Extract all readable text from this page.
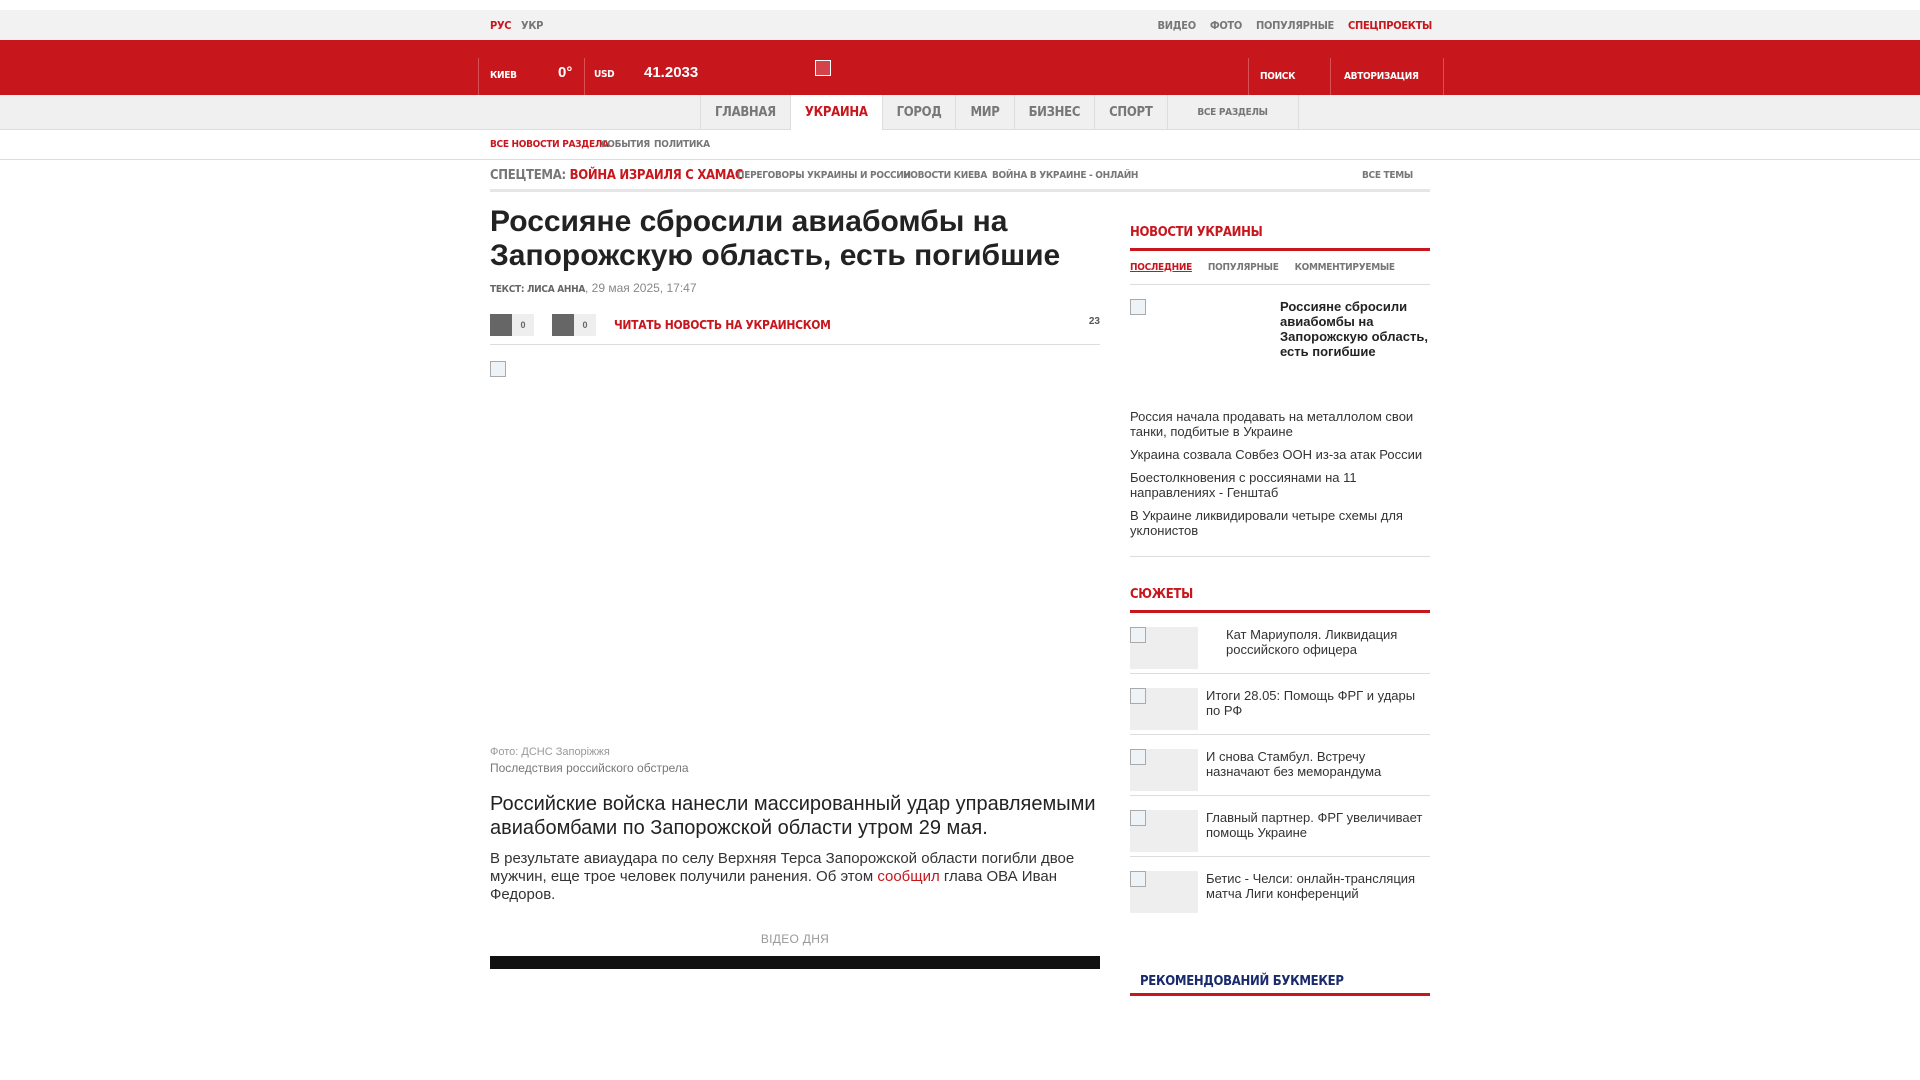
РУС УКР	ВИДЕО ФОТО ПОПУЛЯРНЫЕ СПЕЦПРОЕКТЫ
КИЕВ	0° USD 41.2033	ПОИСК	АВТОРИЗАЦИЯ
ГЛАВНАЯ	УКРАИНА	ГОРОД	МИР	БИЗНЕС	СПОРТ	ВСЕ РАЗДЕЛЫ
ВСЕ НОВОСТИ РАЗДЕЛА
СОБЫТИЯ ПОЛИТИКА
СПЕЦТЕМА: ВОЙНА ИЗРАИЛЯ С ХАМАС
ПЕРЕГОВОРЫ УКРАИНЫ И РОССИИ
НОВОСТИ КИЕВА ВОЙНА В УКРАИНЕ - ОНЛАЙН	ВСЕ ТЕМЫ
Россияне сбросили авиабомбы на Запорожскую область, есть погибшие
ТЕКСТ: ЛИСА АННА, 29 мая 2025, 17:47
0	0	ЧИТАТЬ НОВОСТЬ НА УКРАИНСКОМ	23
Фото: ДСНС Запоріжжя
Последствия российского обстрела

Российские войска нанесли массированный удар управляемыми авиабомбами по Запорожской области утром 29 мая.

В результате авиаудара по селу Верхняя Терса Запорожской области погибли двое мужчин, еще трое человек получили ранения. Об этом сообщил глава ОВА Иван Федоров.

ВІДЕО ДНЯ
НОВОСТИ УКРАИНЫ
ПОСЛЕДНИЕ ПОПУЛЯРНЫЕ КОММЕНТИРУЕМЫЕ
Россияне сбросили авиабомбы на Запорожскую область, есть погибшие
Россия начала продавать на металлолом свои танки, подбитые в Украине
Украина созвала Совбез ООН из-за атак России
Боестолкновения с россиянами на 11 направлениях - Генштаб
В Украине ликвидировали четыре схемы для уклонистов
СЮЖЕТЫ
Кат Мариуполя. Ликвидация российского офицера
Итоги 28.05: Помощь ФРГ и удары по РФ
И снова Стамбул. Встречу назначают без меморандума
Главный партнер. ФРГ увеличивает помощь Украине
Бетис - Челси: онлайн-трансляция матча Лиги конференций
РЕКОМЕНДОВАНИЙ БУКМЕКЕР
